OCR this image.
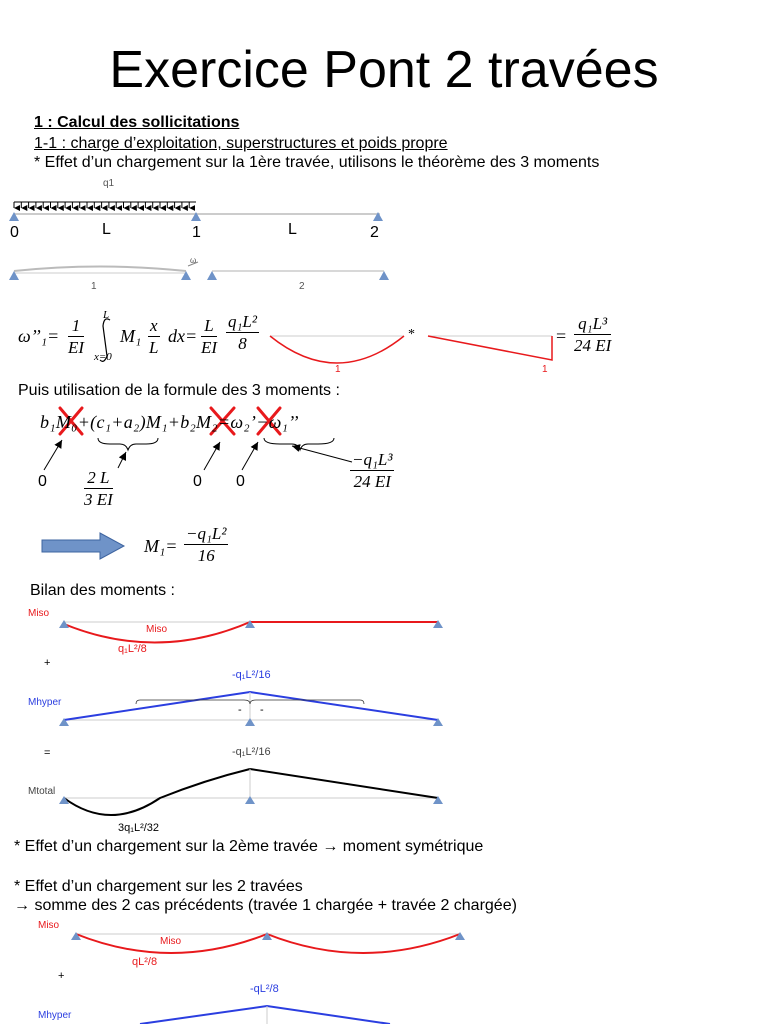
Exercice Pont 2 travées
1 : Calcul des sollicitations
1-1 : charge d’exploitation, superstructures et poids propre
* Effet d’un chargement sur la 1ère travée, utilisons le théorème des 3 moments
q1
0	L	1	L	2
1	2
ω
ω’’₁= $\frac{1}{EI}$
L
x=0
$M_1 \frac{x}{L} dx= \frac{L}{EI} \frac{\text{q₁L²}}{8}$	*	= $\frac{\text{q₁L³}}{24 EI}$
1	1
Puis utilisation de la formule des 3 moments :
b₁M₀+(c₁+a₂)M₁+b₂M₂=ω₂’−ω₁’’
$0 \frac{2 L}{3 EI}$	0 0	$\frac{\text{−q₁L³}}{24 EI}$
$M_1= \frac{\text{−q₁L²}}{16}$
Bilan des moments :
Miso
Miso
q₁L²/8
+
-q₁L²/16
Mhyper
- -
=	-q₁L²/16
Mtotal
3q₁L²/32
* Effet d’un chargement sur la 2ème travée → moment symétrique
* Effet d’un chargement sur les 2 travées
→ somme des 2 cas précédents (travée 1 chargée + travée 2 chargée)
Miso
Miso
qL²/8
+
-qL²/8
Mhyper
